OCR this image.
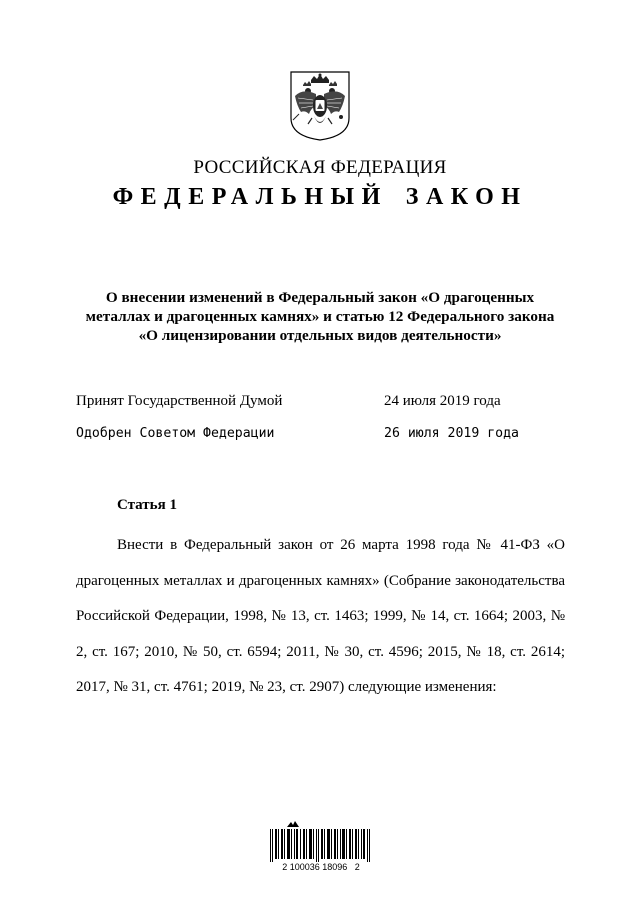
РОССИЙСКАЯ ФЕДЕРАЦИЯ
ФЕДЕРАЛЬНЫЙ ЗАКОН
О внесении изменений в Федеральный закон «О драгоценных
металлах и драгоценных камнях» и статью 12 Федерального закона
«О лицензировании отдельных видов деятельности»
Принят Государственной Думой	24 июля 2019 года
Одобрен Советом Федерации	26 июля 2019 года
Статья 1

Внести в Федеральный закон от 26 марта 1998 года № 41-ФЗ «О драгоценных металлах и драгоценных камнях» (Собрание законодательства Российской Федерации, 1998, № 13, ст. 1463; 1999, № 14, ст. 1664; 2003, № 2, ст. 167; 2010, № 50, ст. 6594; 2011, № 30, ст. 4596; 2015, № 18, ст. 2614; 2017, № 31, ст. 4761; 2019, № 23, ст. 2907) следующие изменения:

2 100036 18096   2
